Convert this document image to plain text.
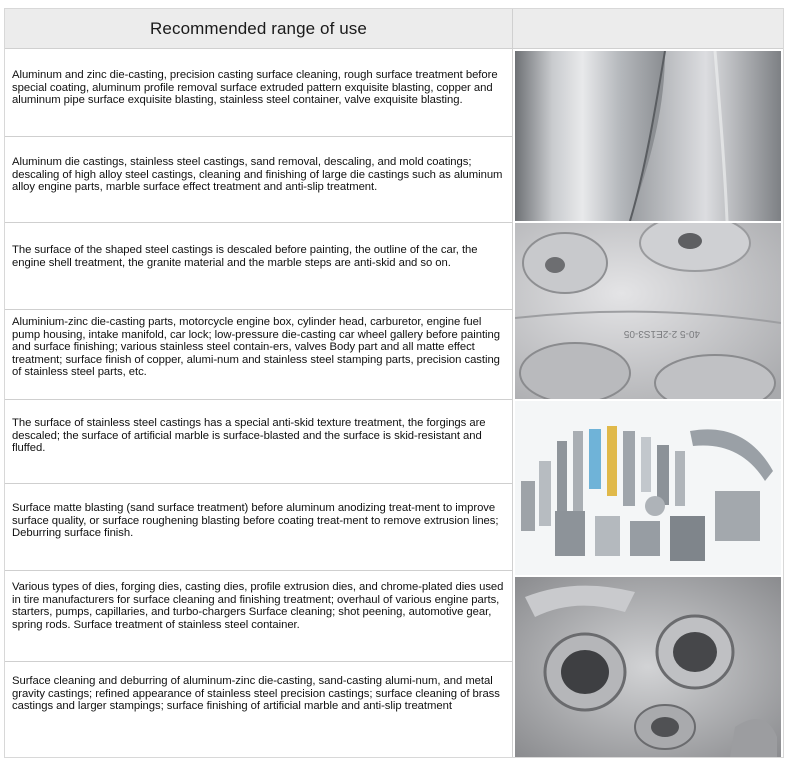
Recommended range of use

Aluminum and zinc die-casting, precision casting surface cleaning, rough surface treatment before special coating, aluminum profile removal surface extruded pattern exquisite blasting, copper and aluminum pipe surface exquisite blasting, stainless steel container, valve exquisite blasting.

Aluminum die castings, stainless steel castings, sand removal, descaling, and mold coatings; descaling of high alloy steel castings, cleaning and finishing of large die castings such as aluminum alloy engine parts, marble surface effect treatment and anti-slip treatment.

The surface of the shaped steel castings is descaled before painting, the outline of the car, the engine shell treatment, the granite material and the marble steps are anti-skid and so on.

Aluminium-zinc die-casting parts, motorcycle engine box, cylinder head, carburetor, engine fuel pump housing, intake manifold, car lock; low-pressure die-casting car wheel gallery before painting and surface finishing; various stainless steel contain-ers, valves Body part and all matte effect treatment; surface finish of copper, alumi-num and stainless steel stamping parts, precision casting of stainless steel parts, etc.

The surface of stainless steel castings has a special anti-skid texture treatment, the forgings are descaled; the surface of artificial marble is surface-blasted and the surface is skid-resistant and fluffed.

Surface matte blasting (sand surface treatment) before aluminum anodizing treat-ment to improve surface quality, or surface roughening blasting before coating treat-ment to remove extrusion lines; Deburring surface finish.

Various types of dies, forging dies, casting dies, profile extrusion dies, and chrome-plated dies used in tire manufacturers for surface cleaning and finishing treatment; overhaul of various engine parts, starters, pumps, capillaries, and turbo-chargers Surface cleaning; shot peening, automotive gear, spring rods. Surface treatment of stainless steel container.

Surface cleaning and deburring of aluminum-zinc die-casting, sand-casting alumi-num, and metal gravity castings; refined appearance of stainless steel precision castings; surface cleaning of brass castings and larger stampings; surface finishing of artificial marble and anti-slip treatment

40-5 2-2E1S3-05
